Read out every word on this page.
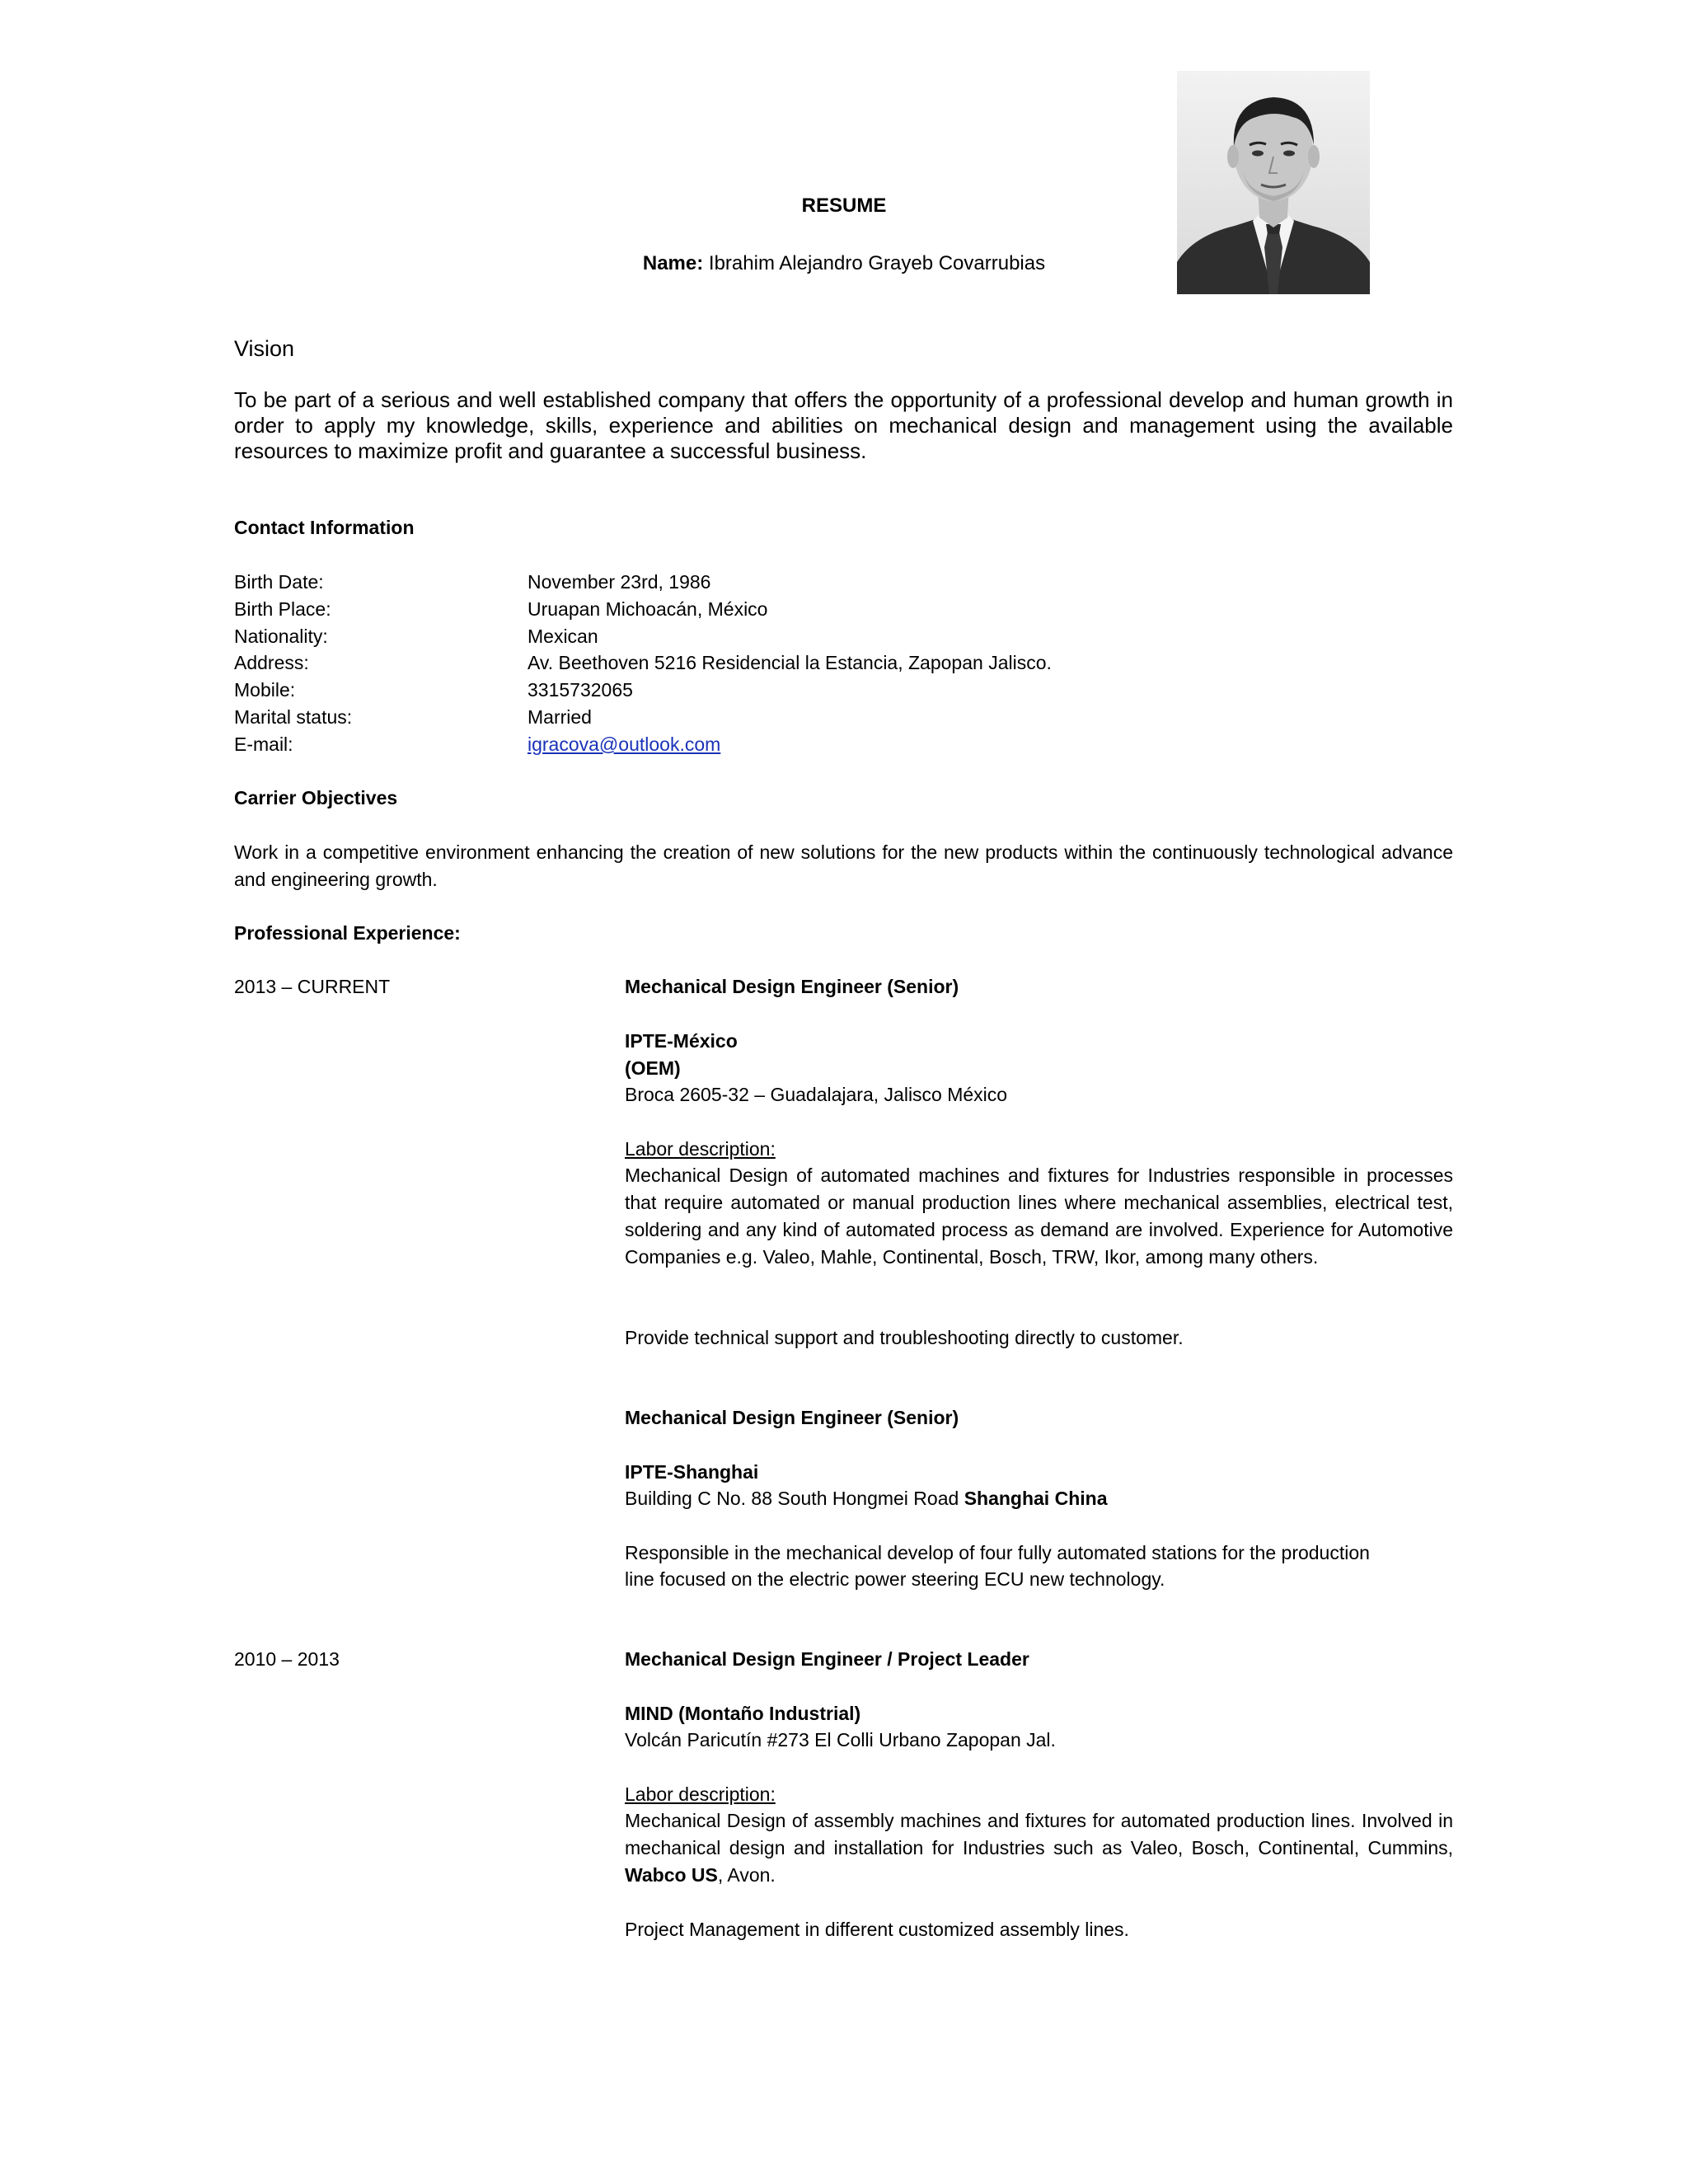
RESUME
Name: Ibrahim Alejandro Grayeb Covarrubias
Vision
To be part of a serious and well established company that offers the opportunity of a professional develop and human growth in order to apply my knowledge, skills, experience and abilities on mechanical design and management using the available resources to maximize profit and guarantee a successful business.
Contact Information
Birth Date:	November 23rd, 1986
Birth Place:	Uruapan Michoacán, México
Nationality:	Mexican
Address:	Av. Beethoven 5216 Residencial la Estancia, Zapopan Jalisco.
Mobile:	3315732065
Marital status:	Married
E-mail:	igracova@outlook.com
Carrier Objectives
Work in a competitive environment enhancing the creation of new solutions for the new products within the continuously technological advance and engineering growth.
Professional Experience:
2013 – CURRENT	Mechanical Design Engineer (Senior)
IPTE-México
(OEM)
Broca 2605-32 – Guadalajara, Jalisco México
Labor description:
Mechanical Design of automated machines and fixtures for Industries responsible in processes that require automated or manual production lines where mechanical assemblies, electrical test, soldering and any kind of automated process as demand are involved. Experience for Automotive Companies e.g. Valeo, Mahle, Continental, Bosch, TRW, Ikor, among many others.
Provide technical support and troubleshooting directly to customer.
Mechanical Design Engineer (Senior)
IPTE-Shanghai
Building C No. 88 South Hongmei Road Shanghai China
Responsible in the mechanical develop of four fully automated stations for the production
line focused on the electric power steering ECU new technology.
2010 – 2013	Mechanical Design Engineer / Project Leader
MIND (Montaño Industrial)
Volcán Paricutín #273 El Colli Urbano Zapopan Jal.
Labor description:
Mechanical Design of assembly machines and fixtures for automated production lines. Involved in mechanical design and installation for Industries such as Valeo, Bosch, Continental, Cummins, Wabco US, Avon.
Project Management in different customized assembly lines.
